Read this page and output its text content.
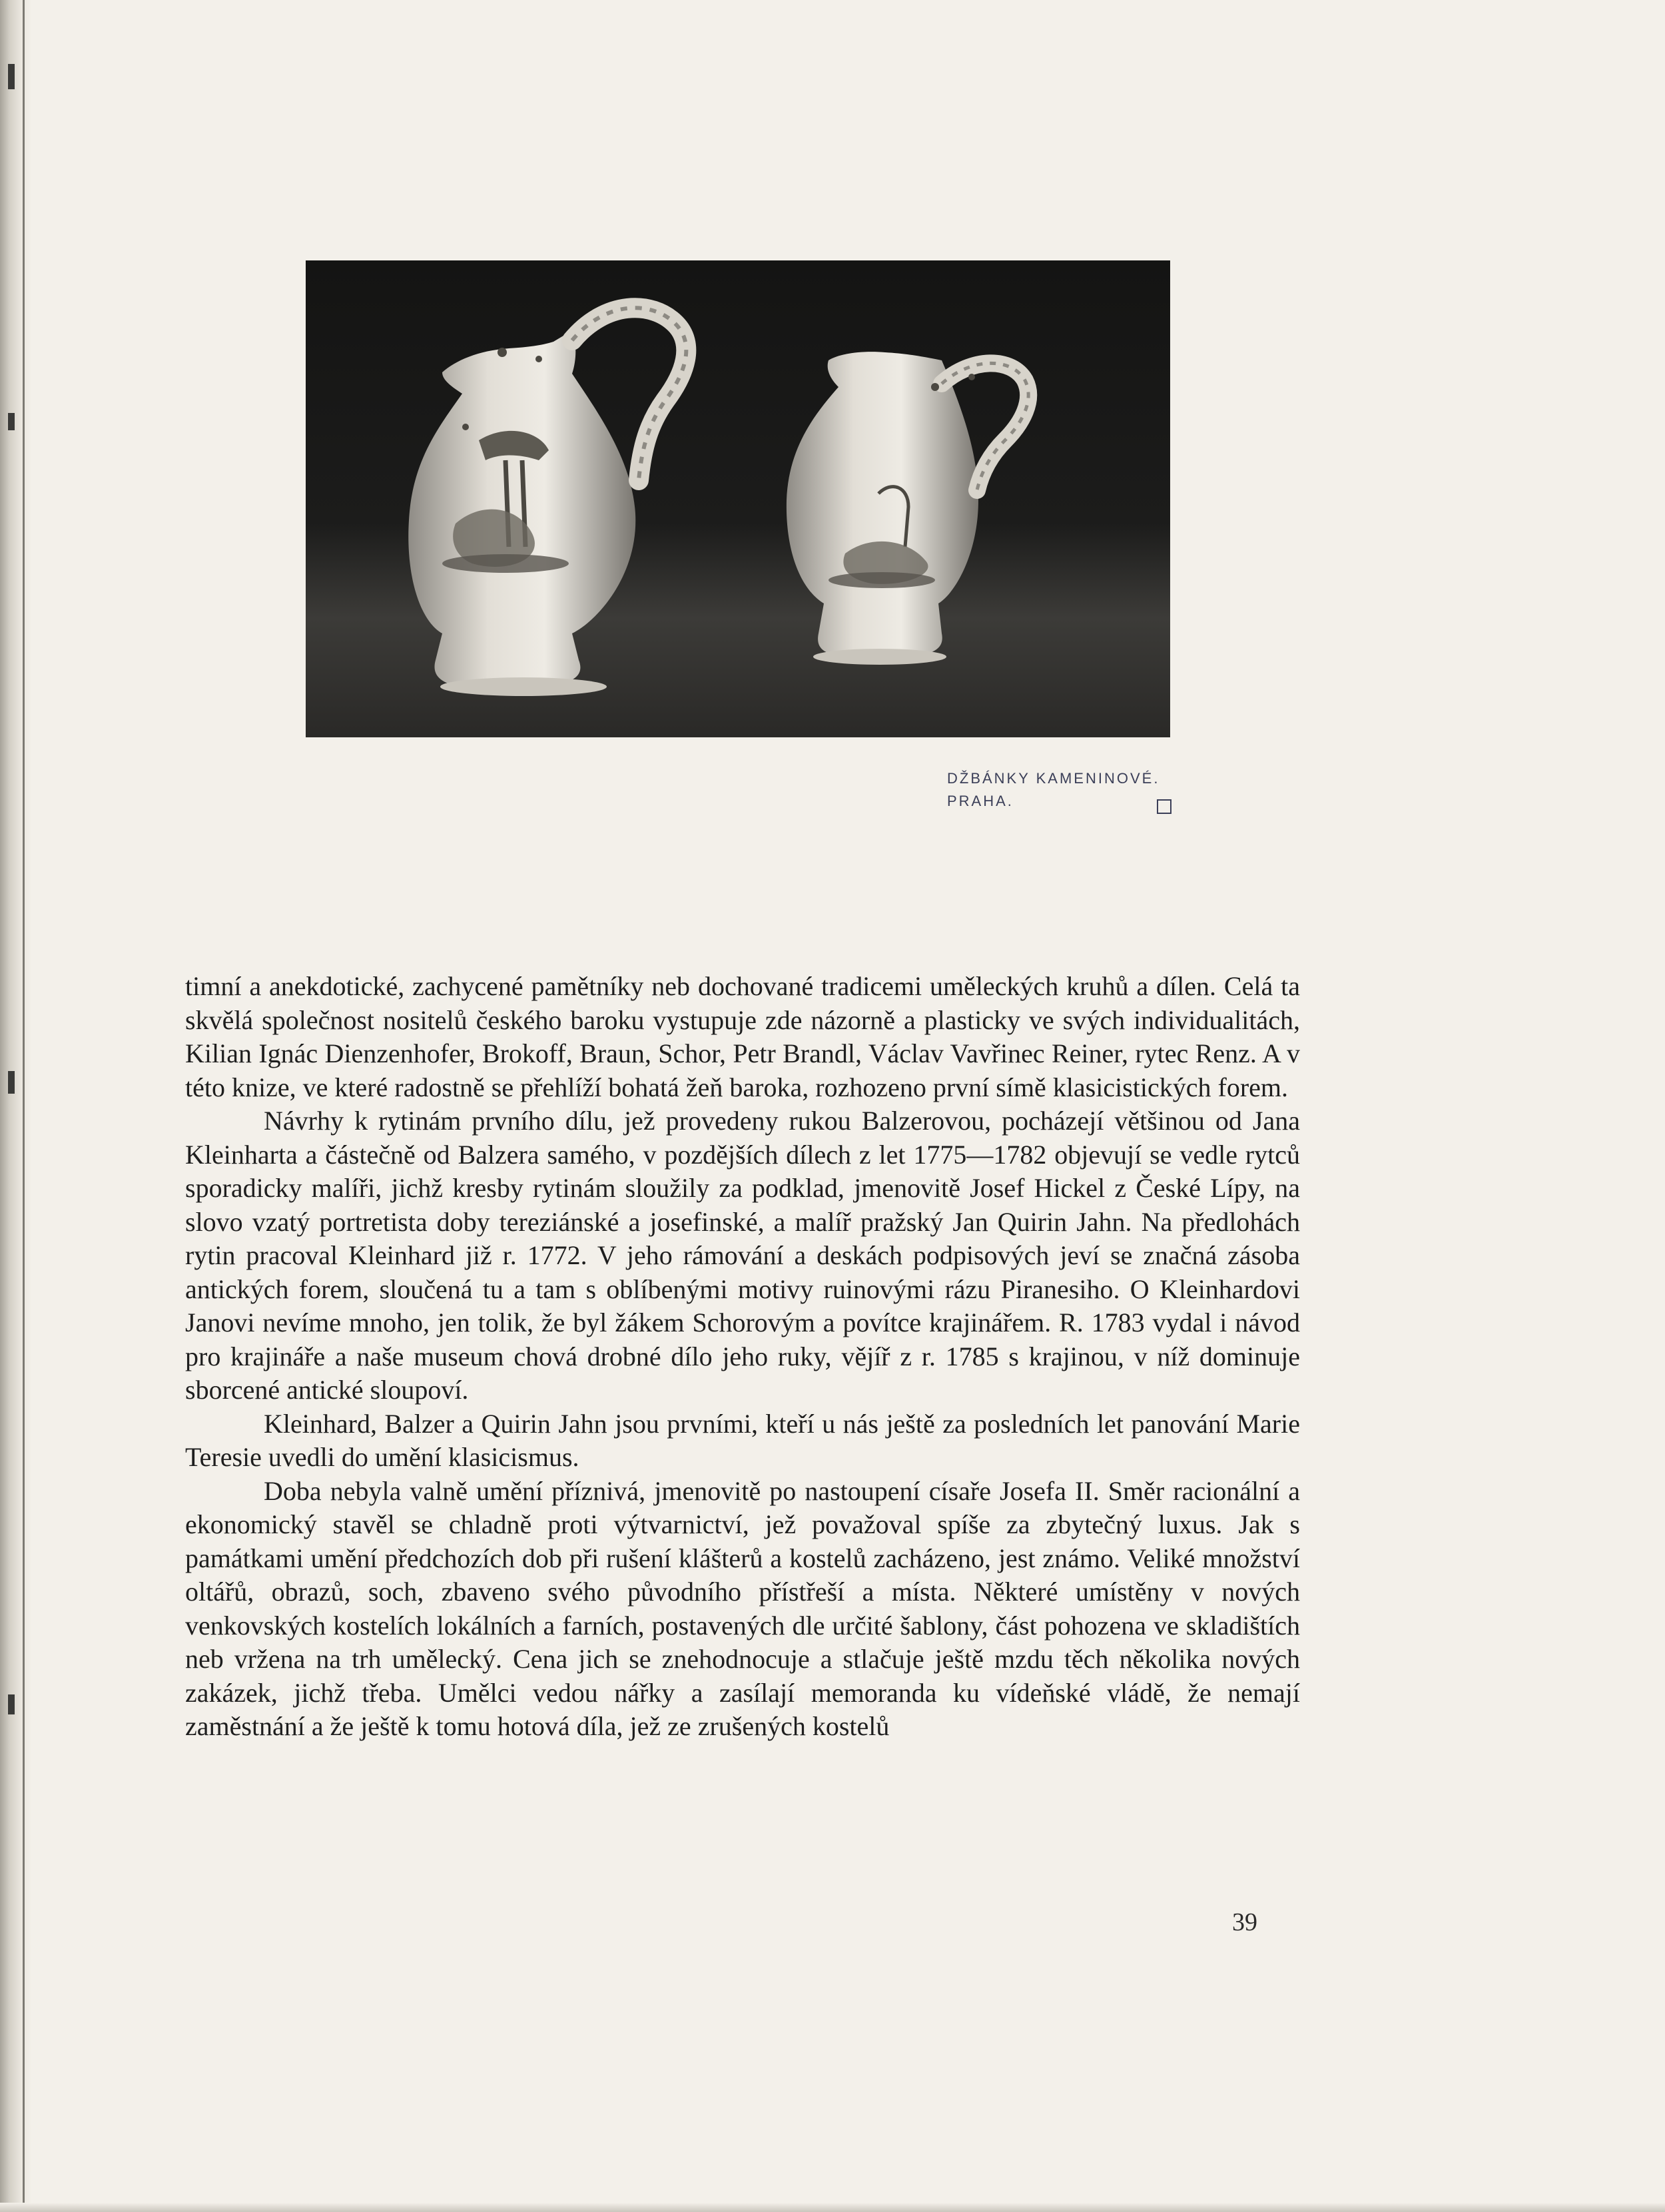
DŽBÁNKY KAMENINOVÉ.
PRAHA.

timní a anekdotické, zachycené pamětníky neb dochované tradicemi uměleckých kruhů a dílen. Celá ta skvělá společnost nositelů českého baroku vystupuje zde názorně a plasticky ve svých individualitách, Kilian Ignác Dienzenhofer, Brokoff, Braun, Schor, Petr Brandl, Václav Vavřinec Reiner, rytec Renz. A v této knize, ve které radostně se přehlíží bohatá žeň baroka, rozhozeno první símě klasicistických forem.

Návrhy k rytinám prvního dílu, jež provedeny rukou Balzerovou, pocházejí většinou od Jana Kleinharta a částečně od Balzera samého, v pozdějších dílech z let 1775—1782 objevují se vedle rytců sporadicky malíři, jichž kresby rytinám sloužily za podklad, jmenovitě Josef Hickel z České Lípy, na slovo vzatý portretista doby tereziánské a josefinské, a malíř pražský Jan Quirin Jahn. Na předlohách rytin pracoval Kleinhard již r. 1772. V jeho rámování a deskách podpisových jeví se značná zásoba antických forem, sloučená tu a tam s oblíbenými motivy ruinovými rázu Piranesiho. O Kleinhardovi Janovi nevíme mnoho, jen tolik, že byl žákem Schorovým a povítce krajinářem. R. 1783 vydal i návod pro krajináře a naše museum chová drobné dílo jeho ruky, vějíř z r. 1785 s krajinou, v níž dominuje sborcené antické sloupoví.

Kleinhard, Balzer a Quirin Jahn jsou prvními, kteří u nás ještě za posledních let panování Marie Teresie uvedli do umění klasicismus.

Doba nebyla valně umění příznivá, jmenovitě po nastoupení císaře Josefa II. Směr racionální a ekonomický stavěl se chladně proti výtvarnictví, jež považoval spíše za zbytečný luxus. Jak s památkami umění předchozích dob při rušení klášterů a kostelů zacházeno, jest známo. Veliké množství oltářů, obrazů, soch, zbaveno svého původního přístřeší a místa. Některé umístěny v nových venkovských kostelích lokálních a farních, postavených dle určité šablony, část pohozena ve skladištích neb vržena na trh umělecký. Cena jich se znehodnocuje a stlačuje ještě mzdu těch několika nových zakázek, jichž třeba. Umělci vedou nářky a zasílají memoranda ku vídeňské vládě, že nemají zaměstnání a že ještě k tomu hotová díla, jež ze zrušených kostelů

39
